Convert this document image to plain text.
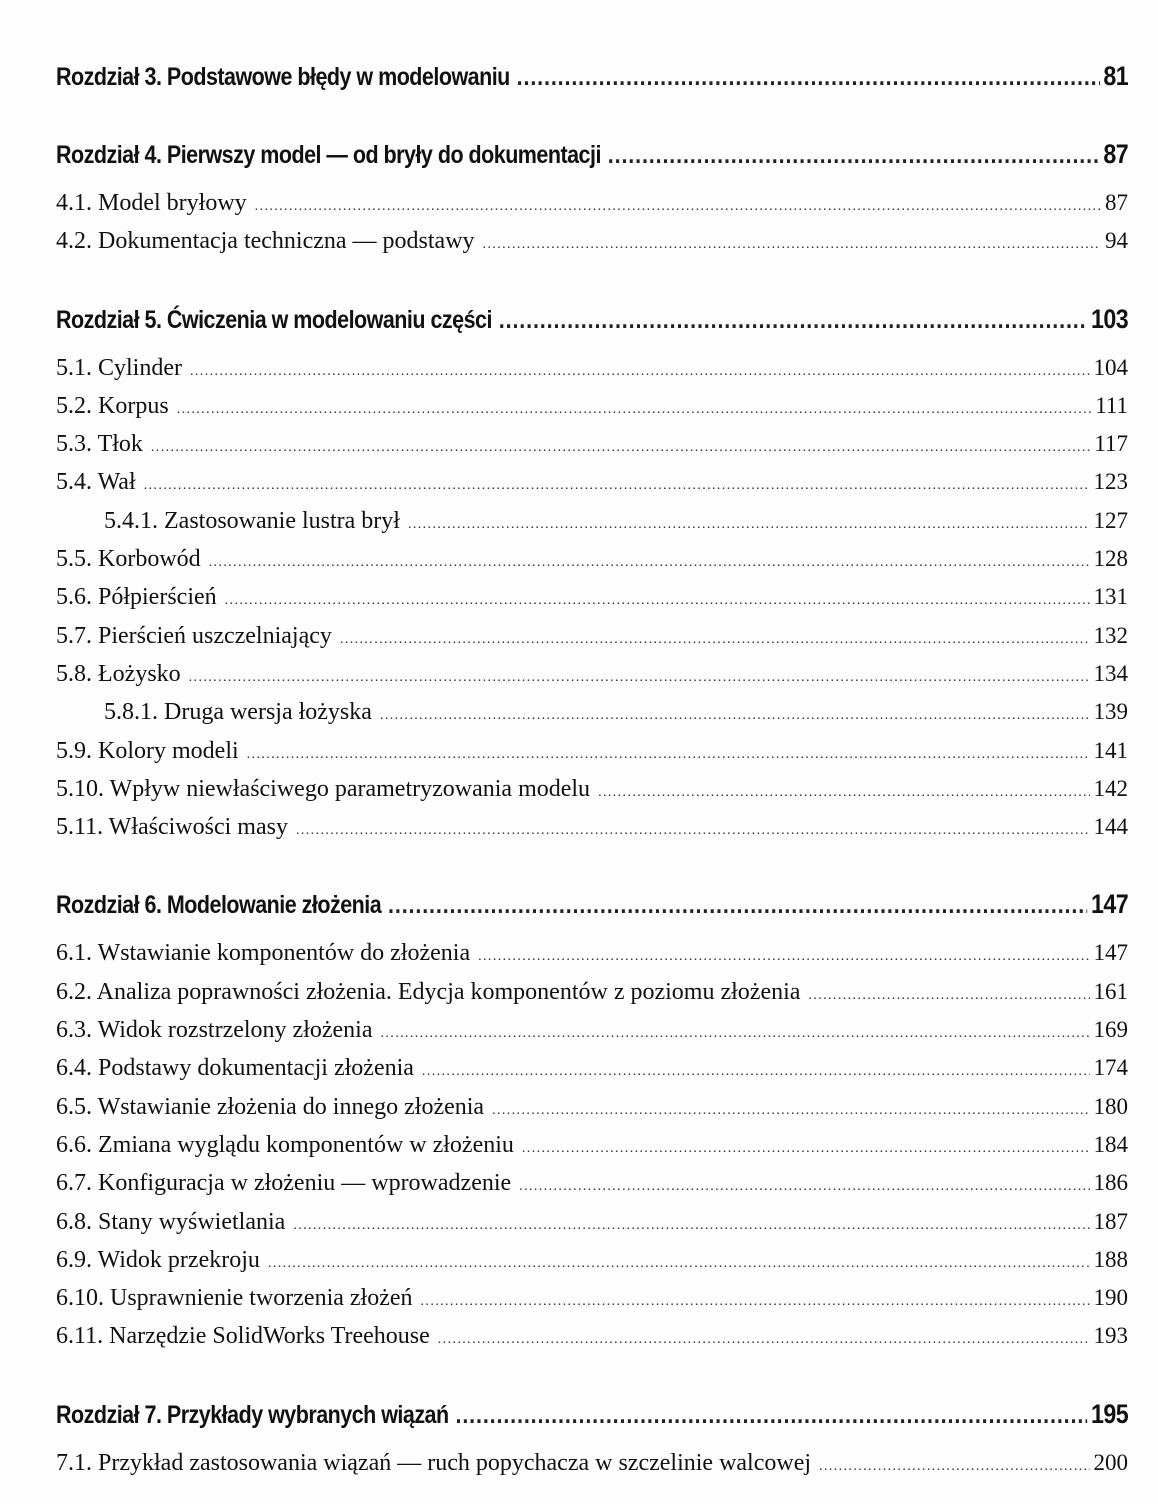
Rozdział 3. Podstawowe błędy w modelowaniu .....	81
Rozdział 4. Pierwszy model — od bryły do dokumentacji .....	87
4.1. Model bryłowy .....	87
4.2. Dokumentacja techniczna — podstawy .....	94
Rozdział 5. Ćwiczenia w modelowaniu części .....	103
5.1. Cylinder .....	104
5.2. Korpus .....	111
5.3. Tłok .....	117
5.4. Wał .....	123
5.4.1. Zastosowanie lustra brył .....	127
5.5. Korbowód .....	128
5.6. Półpierścień .....	131
5.7. Pierścień uszczelniający .....	132
5.8. Łożysko .....	134
5.8.1. Druga wersja łożyska .....	139
5.9. Kolory modeli .....	141
5.10. Wpływ niewłaściwego parametryzowania modelu .....	142
5.11. Właściwości masy .....	144
Rozdział 6. Modelowanie złożenia .....	147
6.1. Wstawianie komponentów do złożenia .....	147
6.2. Analiza poprawności złożenia. Edycja komponentów z poziomu złożenia .....	161
6.3. Widok rozstrzelony złożenia .....	169
6.4. Podstawy dokumentacji złożenia .....	174
6.5. Wstawianie złożenia do innego złożenia .....	180
6.6. Zmiana wyglądu komponentów w złożeniu .....	184
6.7. Konfiguracja w złożeniu — wprowadzenie .....	186
6.8. Stany wyświetlania .....	187
6.9. Widok przekroju .....	188
6.10. Usprawnienie tworzenia złożeń .....	190
6.11. Narzędzie SolidWorks Treehouse .....	193
Rozdział 7. Przykłady wybranych wiązań .....	195
7.1. Przykład zastosowania wiązań — ruch popychacza w szczelinie walcowej .....	200
